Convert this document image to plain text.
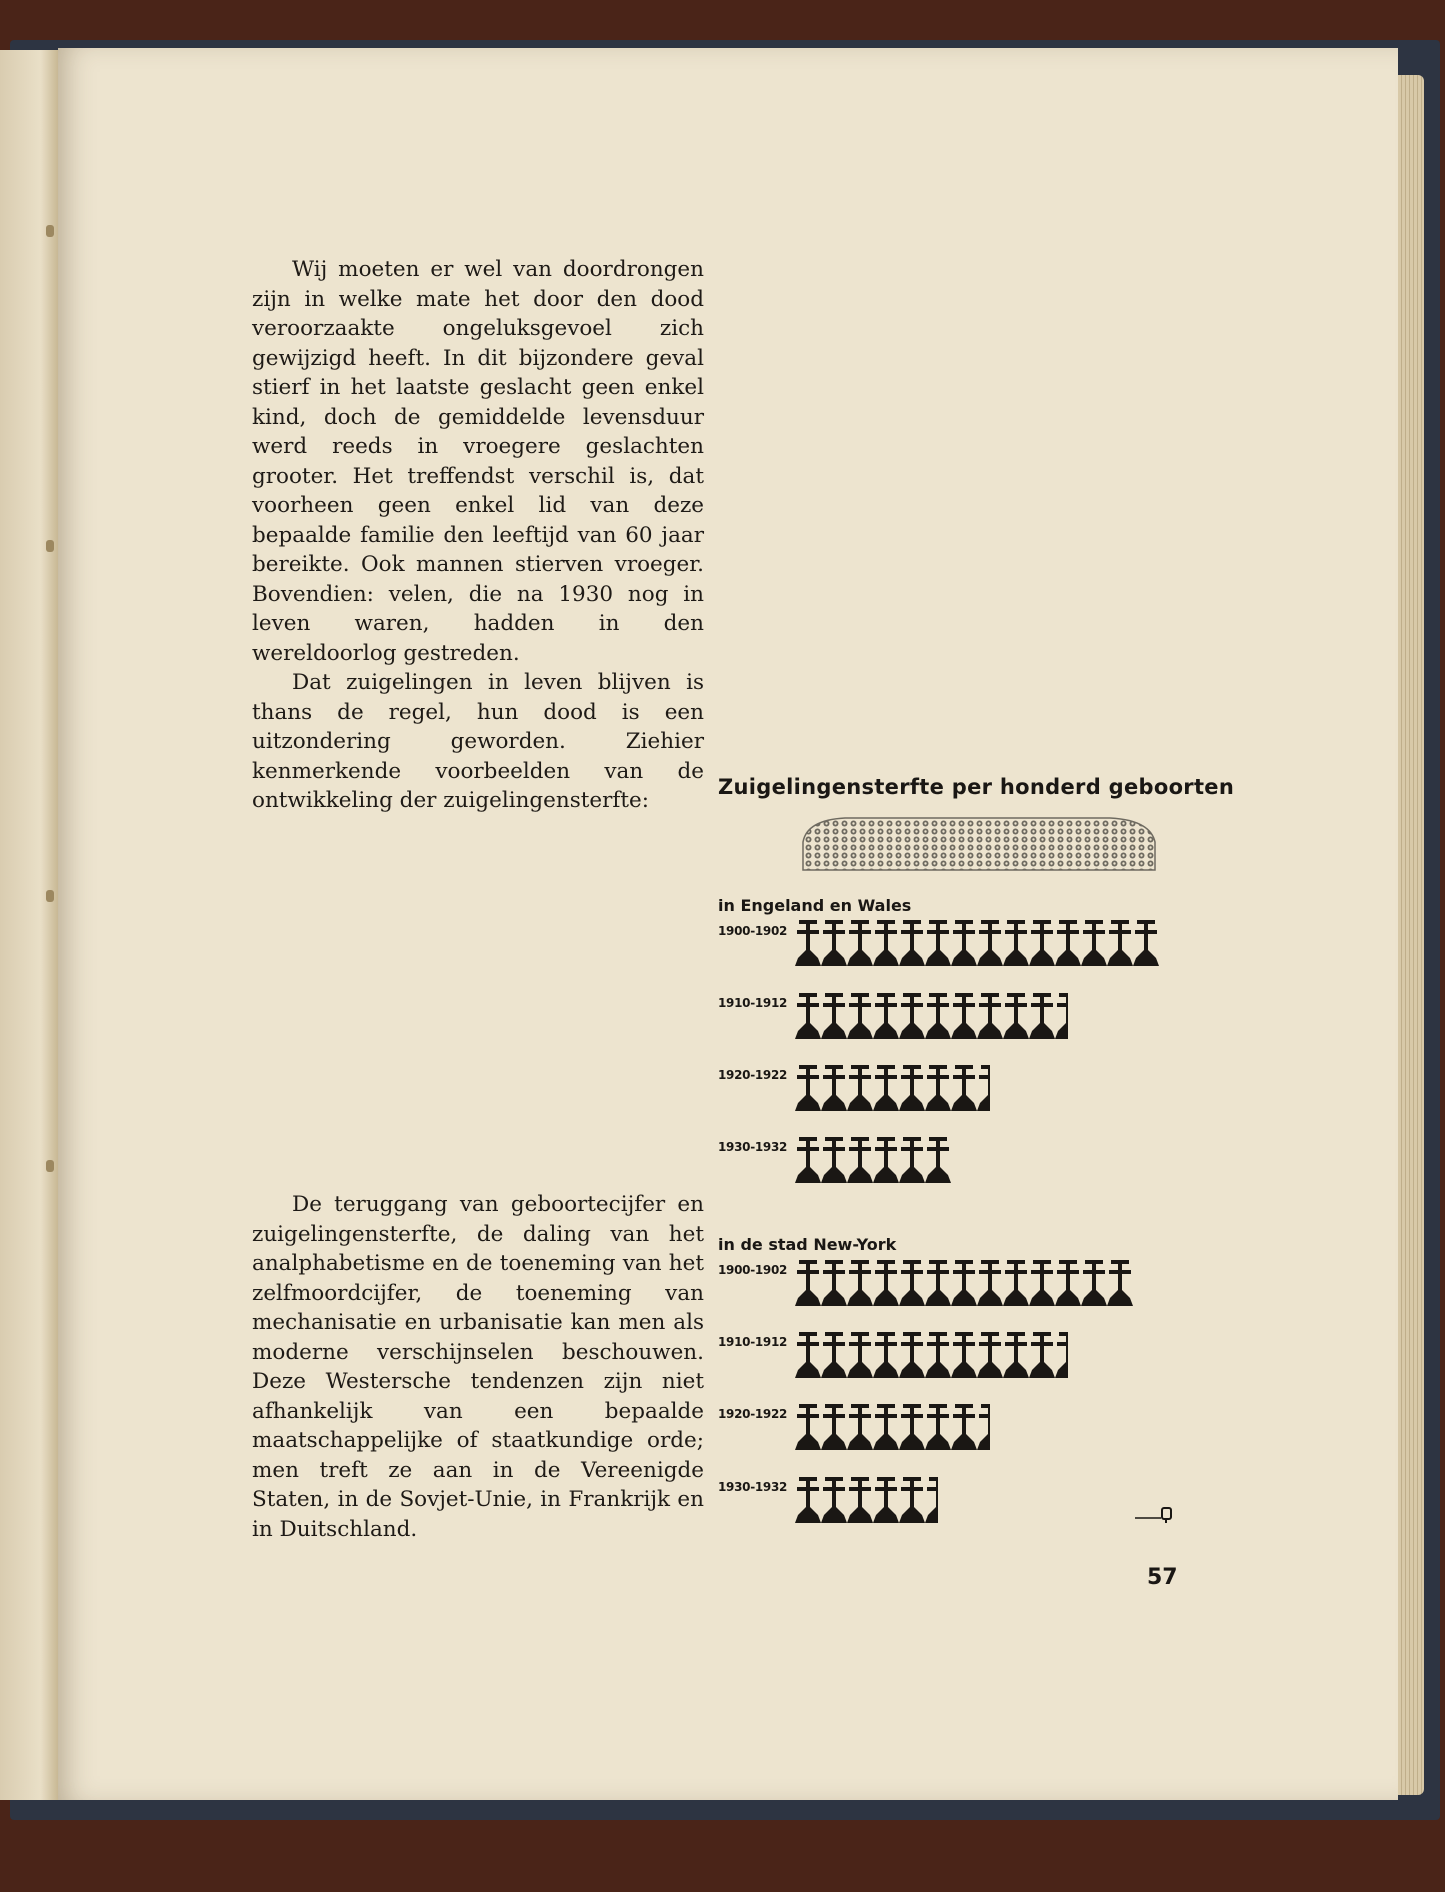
Wij moeten er wel van doordrongen zijn in welke mate het door den dood veroorzaakte ongeluksgevoel zich gewijzigd heeft. In dit bijzondere geval stierf in het laatste geslacht geen enkel kind, doch de gemiddelde levensduur werd reeds in vroegere geslachten grooter. Het treffendst verschil is, dat voorheen geen enkel lid van deze bepaalde familie den leeftijd van 60 jaar bereikte. Ook mannen stierven vroeger. Bovendien: velen, die na 1930 nog in leven waren, hadden in den wereldoorlog gestreden.

Dat zuigelingen in leven blijven is thans de regel, hun dood is een uitzondering geworden. Ziehier kenmerkende voorbeelden van de ontwikkeling der zuigelingensterfte:

De teruggang van geboortecijfer en zuigelingensterfte, de daling van het analphabetisme en de toeneming van het zelfmoordcijfer, de toeneming van mechanisatie en urbanisatie kan men als moderne verschijnselen beschouwen. Deze Westersche tendenzen zijn niet afhankelijk van een bepaalde maatschappelijke of staatkundige orde; men treft ze aan in de Vereenigde Staten, in de Sovjet-Unie, in Frankrijk en in Duitschland.

Zuigelingensterfte per honderd geboorten
in Engeland en Wales
1900-1902
1910-1912
1920-1922
1930-1932
in de stad New-York
1900-1902
1910-1912
1920-1922
1930-1932
57
